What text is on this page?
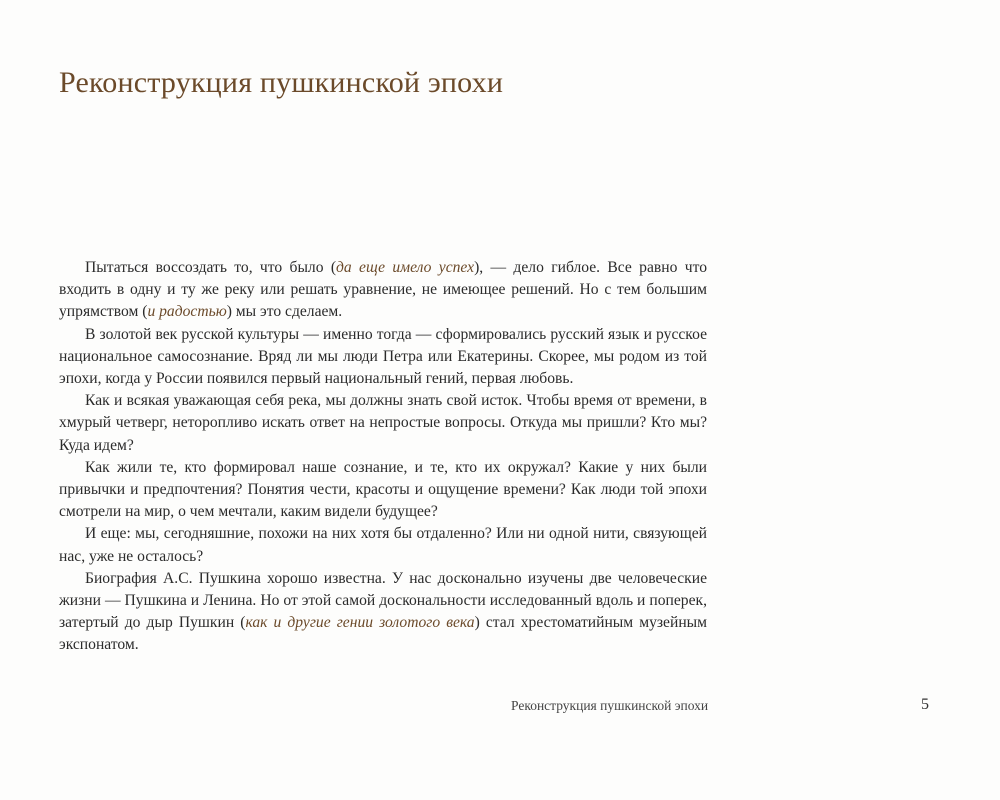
Реконструкция пушкинской эпохи

Пытаться воссоздать то, что было (да еще имело успех), — дело гиблое. Все равно что входить в одну и ту же реку или решать уравнение, не имеющее решений. Но с тем большим упрямством (и радостью) мы это сделаем.

В золотой век русской культуры — именно тогда — сформировались русский язык и русское национальное самосознание. Вряд ли мы люди Петра или Екатерины. Скорее, мы родом из той эпохи, когда у России появился первый национальный гений, первая любовь.

Как и всякая уважающая себя река, мы должны знать свой исток. Чтобы время от времени, в хмурый четверг, неторопливо искать ответ на непростые вопросы. Откуда мы пришли? Кто мы? Куда идем?

Как жили те, кто формировал наше сознание, и те, кто их окружал? Какие у них были привычки и предпочтения? Понятия чести, красоты и ощущение времени? Как люди той эпохи смотрели на мир, о чем мечтали, каким видели будущее?

И еще: мы, сегодняшние, похожи на них хотя бы отдаленно? Или ни одной нити, связующей нас, уже не осталось?

Биография А.С. Пушкина хорошо известна. У нас досконально изучены две человеческие жизни — Пушкина и Ленина. Но от этой самой доскональности исследованный вдоль и поперек, затертый до дыр Пушкин (как и другие гении золотого века) стал хрестоматийным музейным экспонатом.

Реконструкция пушкинской эпохи	5
